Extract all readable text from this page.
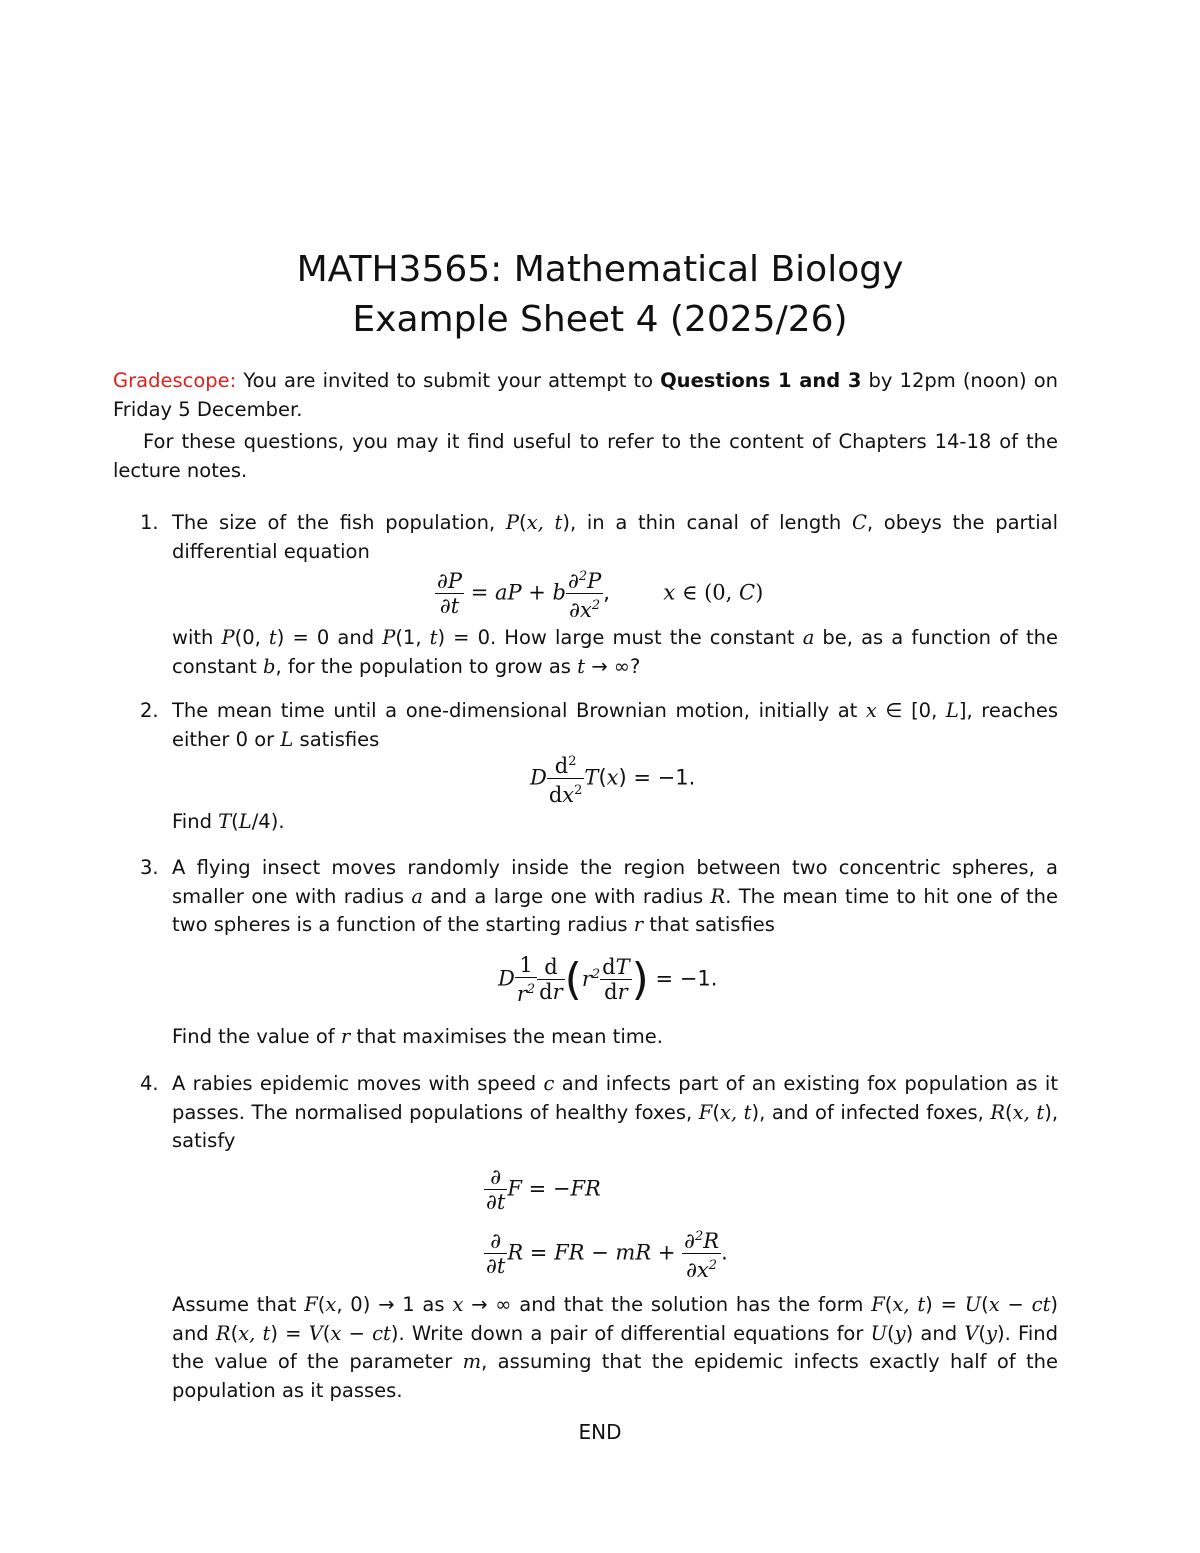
MATH3565: Mathematical Biology
Example Sheet 4 (2025/26)
Gradescope: You are invited to submit your attempt to Questions 1 and 3 by 12pm (noon) on Friday 5 December.
For these questions, you may it find useful to refer to the content of Chapters 14-18 of the lecture notes.
1. The size of the fish population, P(x, t), in a thin canal of length C, obeys the partial differential equation
$\frac{\partial P}{\partial t}$ = aP + b $\frac{\partial^2P}{\partial x^2}$ ,	x ∈ (0, C)
with P(0, t) = 0 and P(1, t) = 0. How large must the constant a be, as a function of the constant b, for the population to grow as t → ∞?
2. The mean time until a one-dimensional Brownian motion, initially at x ∈ [0, L], reaches either 0 or L satisfies
D $\frac{d^2}{dx^2} T(x) = -1$.
Find T(L/4).
3. A flying insect moves randomly inside the region between two concentric spheres, a smaller one with radius a and a large one with radius R. The mean time to hit one of the two spheres is a function of the starting radius r that satisfies
D $\frac{1}{r^2} \frac{d}{dr} (r^2 \frac{dT}{dr}$ ) = −1.
Find the value of r that maximises the mean time.
4. A rabies epidemic moves with speed c and infects part of an existing fox population as it passes. The normalised populations of healthy foxes, F(x, t), and of infected foxes, R(x, t), satisfy
$\frac{\partial}{\partial t}$ F = −FR
$\frac{\partial}{\partial t}$ R = FR − mR + $\frac{\partial^2R}{\partial x^2}$ .
Assume that F(x, 0) → 1 as x → ∞ and that the solution has the form F(x, t) = U(x − ct) and R(x, t) = V(x − ct). Write down a pair of differential equations for U(y) and V(y). Find the value of the parameter m, assuming that the epidemic infects exactly half of the population as it passes.
END
